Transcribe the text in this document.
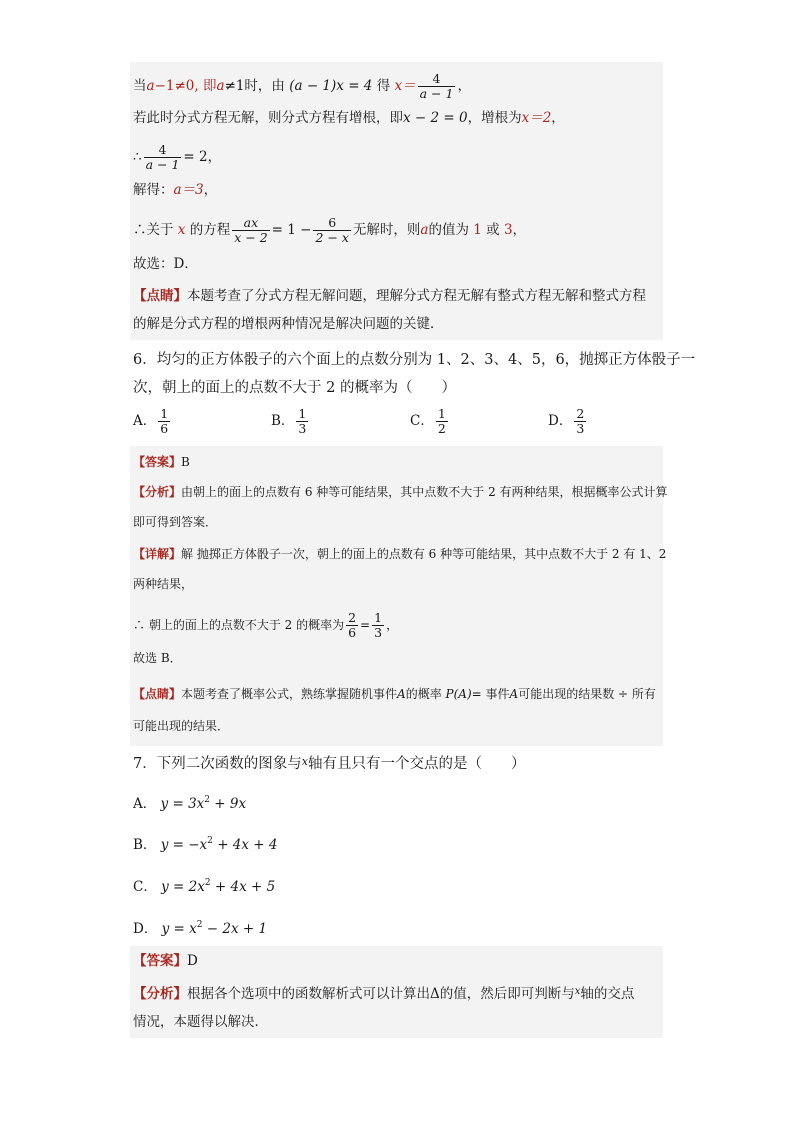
当a−1≠0, 即a≠1时，由 (a − 1)x = 4 得 $x= \frac{4}{a - 1}$ ，
若此时分式方程无解，则分式方程有增根，即x − 2 = 0，增根为x＝2，
∴ $\frac{4}{a - 1} = 2$，
解得：a＝3，
∴关于 x 的方程 $\frac{ax}{x - 2} = 1 - \frac{6}{2 - x}$ 无解时，则a的值为 1 或 3，
故选：D．
【点睛】本题考查了分式方程无解问题，理解分式方程无解有整式方程无解和整式方程
的解是分式方程的增根两种情况是解决问题的关键．
6．均匀的正方体骰子的六个面上的点数分别为 1、2、3、4、5，6，抛掷正方体骰子一
次，朝上的面上的点数不大于 2 的概率为（　　）
A． $\frac{1}{6}$	B． $\frac{1}{3}$	C． $\frac{1}{2}$	D． $\frac{2}{3}$
【答案】B
【分析】由朝上的面上的点数有 6 种等可能结果，其中点数不大于 2 有两种结果，根据概率公式计算
即可得到答案．
【详解】解 抛掷正方体骰子一次，朝上的面上的点数有 6 种等可能结果，其中点数不大于 2 有 1、2
两种结果，
∴ 朝上的面上的点数不大于 2 的概率为 $\frac{2}{6} = \frac{1}{3}$ ，
故选 B．
【点睛】本题考查了概率公式，熟练掌握随机事件A的概率 P(A)= 事件A可能出现的结果数 ÷ 所有
可能出现的结果．
7．下列二次函数的图象与$^x$轴有且只有一个交点的是（　　）
A． $y = 3x^2 + 9x$
B． $y = -x^2 + 4x + 4$
C． $y = 2x^2 + 4x + 5$
D． $y = x^2 - 2x + 1$
【答案】D
【分析】根据各个选项中的函数解析式可以计算出Δ的值，然后即可判断与$^x$轴的交点
情况，本题得以解决．
